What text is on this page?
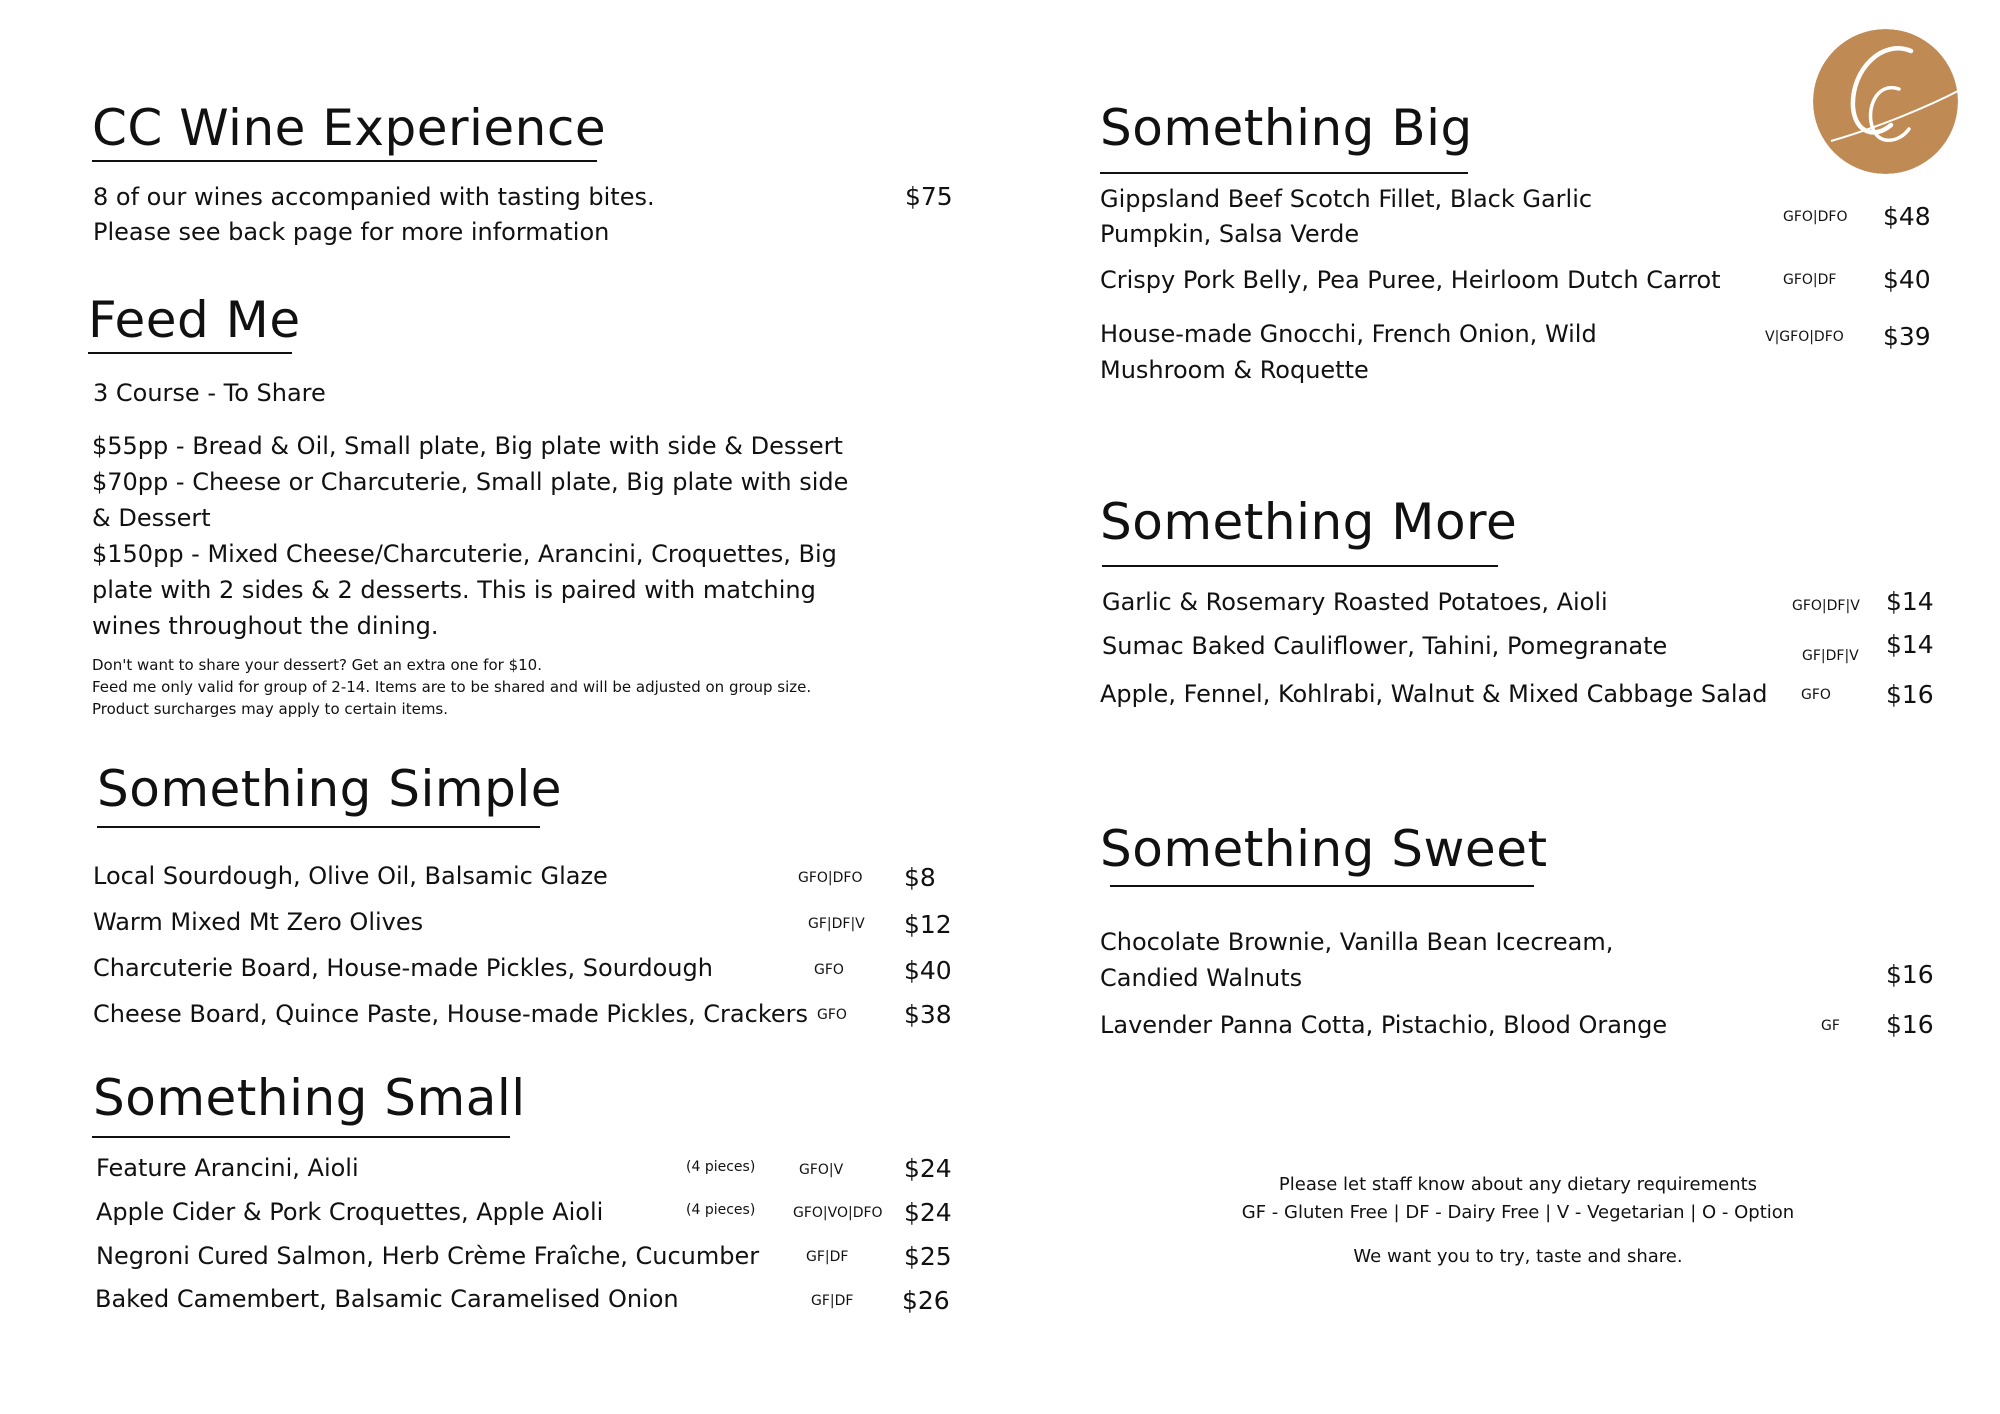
CC Wine Experience
8 of our wines accompanied with tasting bites.
Please see back page for more information
$75
Feed Me
3 Course - To Share
$55pp - Bread & Oil, Small plate, Big plate with side & Dessert
$70pp - Cheese or Charcuterie, Small plate, Big plate with side & Dessert
$150pp - Mixed Cheese/Charcuterie, Arancini, Croquettes, Big plate with 2 sides & 2 desserts. This is paired with matching wines throughout the dining.
Don't want to share your dessert? Get an extra one for $10.
Feed me only valid for group of 2-14. Items are to be shared and will be adjusted on group size.
Product surcharges may apply to certain items.
Something Simple
Local Sourdough, Olive Oil, Balsamic Glaze	GFO|DFO $8
Warm Mixed Mt Zero Olives	GF|DF|V $12
Charcuterie Board, House-made Pickles, Sourdough	GFO $40
Cheese Board, Quince Paste, House-made Pickles, Crackers GFO $38
Something Small
Feature Arancini, Aioli	(4 pieces)	GFO|V $24
Apple Cider & Pork Croquettes, Apple Aioli	(4 pieces)	GFO|VO|DFO $24
Negroni Cured Salmon, Herb Crème Fraîche, Cucumber	GF|DF $25
Baked Camembert, Balsamic Caramelised Onion	GF|DF $26
Something Big
Gippsland Beef Scotch Fillet, Black Garlic
Pumpkin, Salsa Verde
GFO|DFO $48
Crispy Pork Belly, Pea Puree, Heirloom Dutch Carrot	GFO|DF $40
House-made Gnocchi, French Onion, Wild
Mushroom & Roquette
V|GFO|DFO $39
Something More
Garlic & Rosemary Roasted Potatoes, Aioli	GFO|DF|V $14
Sumac Baked Cauliflower, Tahini, Pomegranate	GF|DF|V $14
Apple, Fennel, Kohlrabi, Walnut & Mixed Cabbage Salad GFO $16
Something Sweet
Chocolate Brownie, Vanilla Bean Icecream,
Candied Walnuts	$16
Lavender Panna Cotta, Pistachio, Blood Orange	GF $16
Please let staff know about any dietary requirements
GF - Gluten Free | DF - Dairy Free | V - Vegetarian | O - Option
We want you to try, taste and share.
